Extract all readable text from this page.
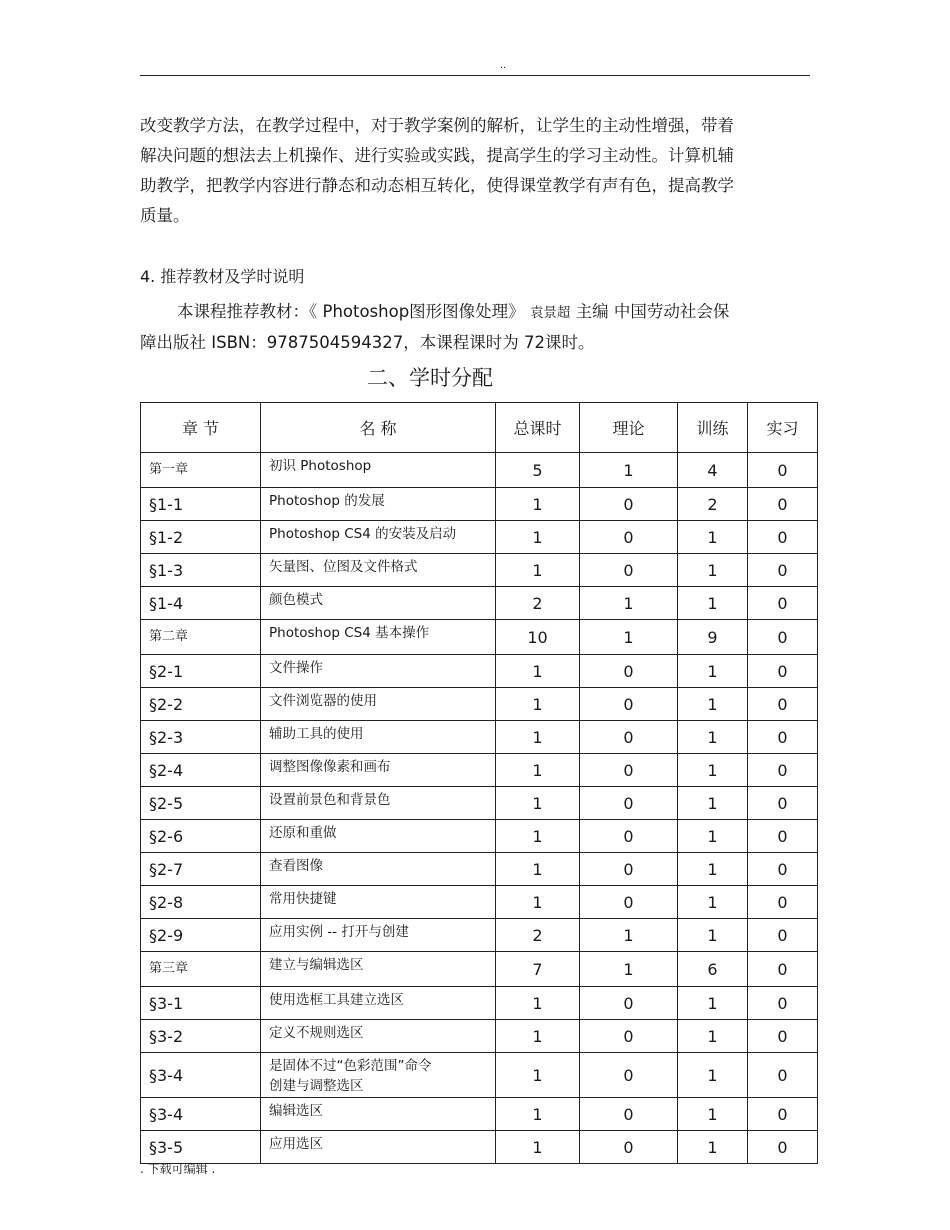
..
改变教学方法，在教学过程中，对于教学案例的解析，让学生的主动性增强，带着
解决问题的想法去上机操作、进行实验或实践，提高学生的学习主动性。计算机辅
助教学，把教学内容进行静态和动态相互转化，使得课堂教学有声有色，提高教学
质量。
4. 推荐教材及学时说明
本课程推荐教材：《 Photoshop图形图像处理》 袁景超 主编 中国劳动社会保
障出版社 ISBN：9787504594327，本课程课时为 72课时。
二、学时分配
章 节	名 称	总课时	理论	训练	实习
第一章	初识 Photoshop	5	1	4	0
§1-1	Photoshop 的发展	1	0	2	0
§1-2	Photoshop CS4 的安装及启动	1	0	1	0
§1-3	矢量图、位图及文件格式	1	0	1	0
§1-4	颜色模式	2	1	1	0
第二章	Photoshop CS4 基本操作	10	1	9	0
§2-1	文件操作	1	0	1	0
§2-2	文件浏览器的使用	1	0	1	0
§2-3	辅助工具的使用	1	0	1	0
§2-4	调整图像像素和画布	1	0	1	0
§2-5	设置前景色和背景色	1	0	1	0
§2-6	还原和重做	1	0	1	0
§2-7	查看图像	1	0	1	0
§2-8	常用快捷键	1	0	1	0
§2-9	应用实例 -- 打开与创建	2	1	1	0
第三章	建立与编辑选区	7	1	6	0
§3-1	使用选框工具建立选区	1	0	1	0
§3-2	定义不规则选区	1	0	1	0
§3-4	是固体不过“色彩范围”命令
创建与调整选区	1	0	1	0
§3-4	编辑选区	1	0	1	0
§3-5	应用选区	1	0	1	0
. 下载可编辑 .
